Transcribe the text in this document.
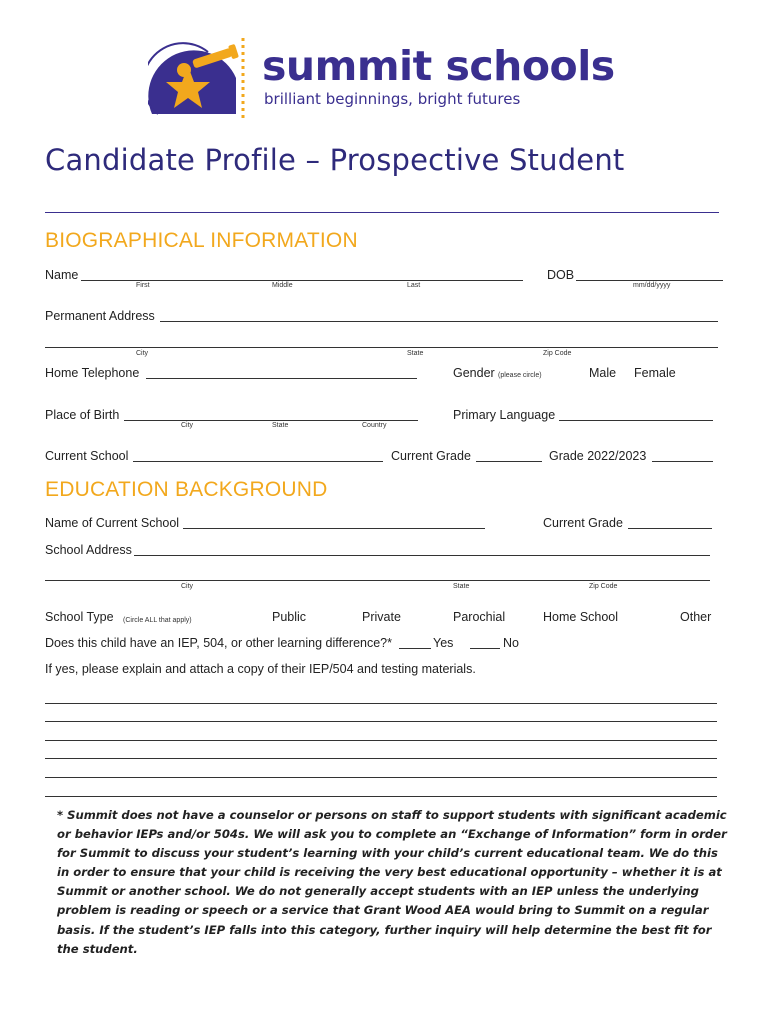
summit schools
brilliant beginnings, bright futures
Candidate Profile – Prospective Student
BIOGRAPHICAL INFORMATION
Name
First	Middle	Last
DOB
mm/dd/yyyy
Permanent Address
City	State	Zip Code
Home Telephone	Gender (please circle)	Male Female
Place of Birth
City	State	Country
Primary Language
Current School	Current Grade	Grade 2022/2023
EDUCATION BACKGROUND
Name of Current School	Current Grade
School Address
City	State	Zip Code
School Type (Circle ALL that apply)	Public	Private	Parochial	Home School	Other
Does this child have an IEP, 504, or other learning difference?*	Yes	No
If yes, please explain and attach a copy of their IEP/504 and testing materials.
* Summit does not have a counselor or persons on staff to support students with significant academic or behavior IEPs and/or 504s. We will ask you to complete an “Exchange of Information” form in order for Summit to discuss your student’s learning with your child’s current educational team. We do this in order to ensure that your child is receiving the very best educational opportunity – whether it is at Summit or another school. We do not generally accept students with an IEP unless the underlying problem is reading or speech or a service that Grant Wood AEA would bring to Summit on a regular basis. If the student’s IEP falls into this category, further inquiry will help determine the best fit for the student.
